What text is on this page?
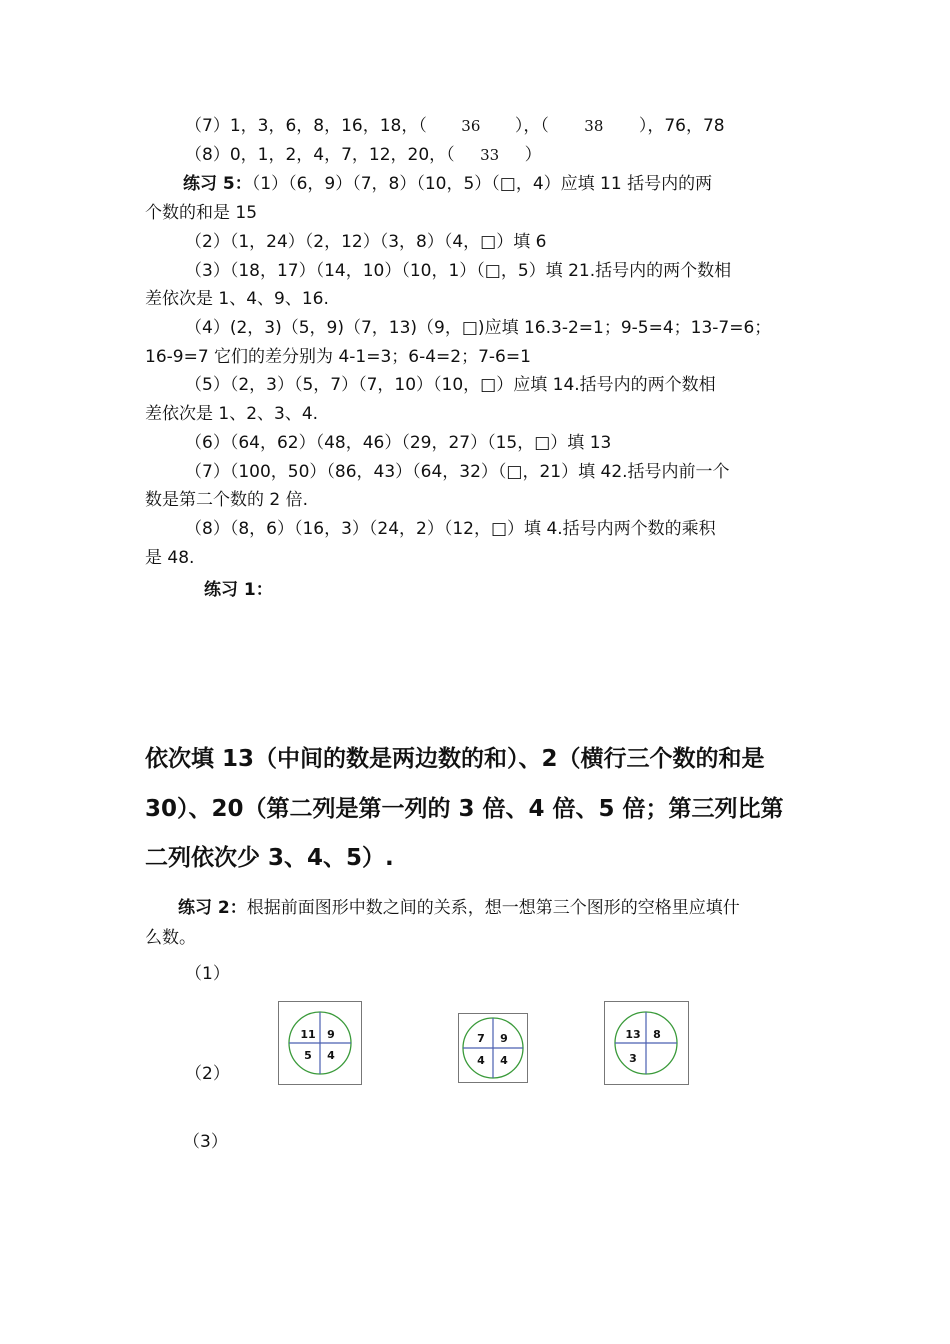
（7）1，3，6，8，16，18，（ 36 ），（ 38 ），76，78
（8）0，1，2，4，7，12，20，（ 33 ）
练习 5：（1）（6，9）（7，8）（10，5）（□，4）应填 11 括号内的两
个数的和是 15
（2）（1，24）（2，12）（3，8）（4，□）填 6
（3）（18，17）（14，10）（10，1）（□，5）填 21.括号内的两个数相
差依次是 1、4、9、16.
（4）(2，3)（5，9)（7，13)（9，□)应填 16.3-2=1；9-5=4；13-7=6；
16-9=7 它们的差分别为 4-1=3；6-4=2；7-6=1
（5）（2，3）（5，7）（7，10）（10，□）应填 14.括号内的两个数相
差依次是 1、2、3、4.
（6）（64，62）（48，46）（29，27）（15，□）填 13
（7）（100，50）（86，43）（64，32）（□，21）填 42.括号内前一个
数是第二个数的 2 倍.
（8）（8，6）（16，3）（24，2）（12，□）填 4.括号内两个数的乘积
是 48.
练习 1：
依次填 13（中间的数是两边数的和）、2（横行三个数的和是
30）、20（第二列是第一列的 3 倍、4 倍、5 倍；第三列比第
二列依次少 3、4、5）.
练习 2：根据前面图形中数之间的关系，想一想第三个图形的空格里应填什
么数。
（1）
（2）
（3）
11 9
5 4
7 9
4 4
13 8
3
